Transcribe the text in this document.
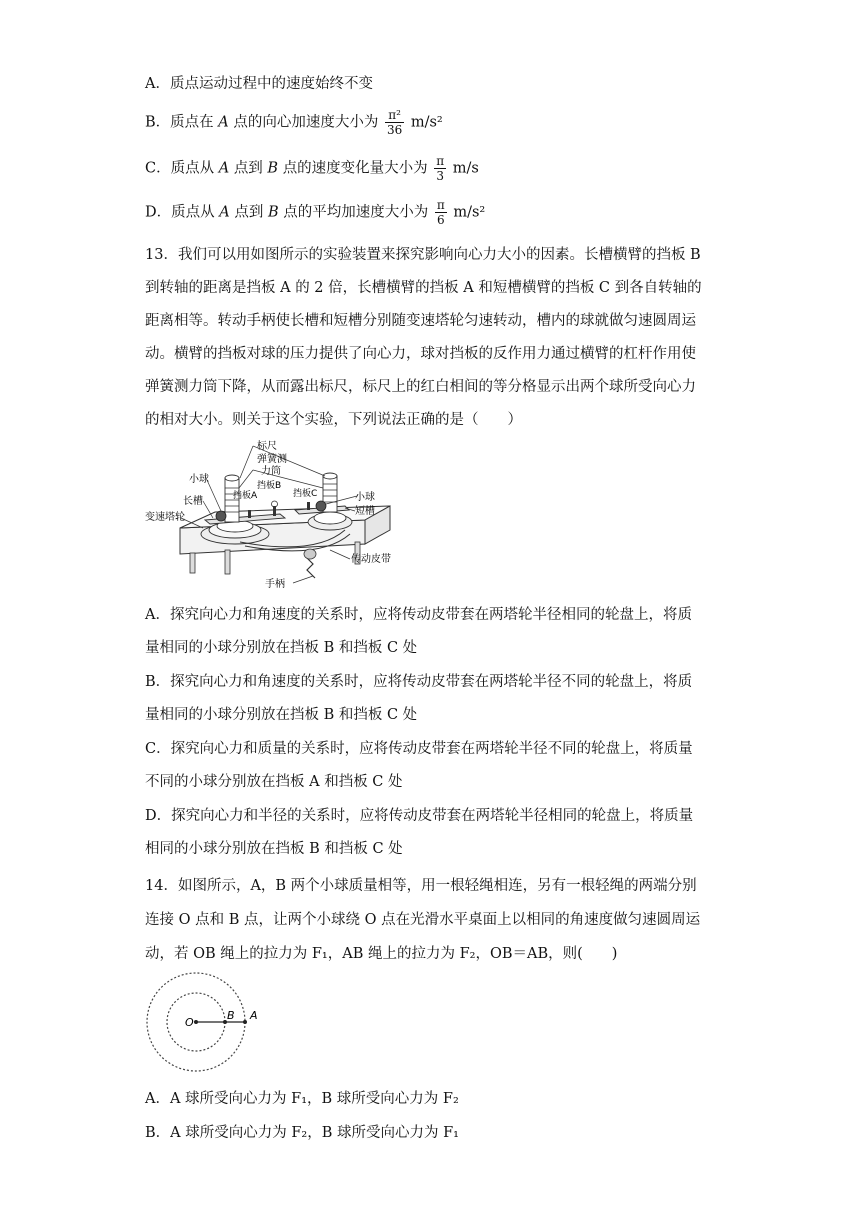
A．质点运动过程中的速度始终不变
B．质点在 A 点的向心加速度大小为 $\frac{\text{π²}}{36} m/s^2$
C．质点从 A 点到 B 点的速度变化量大小为 $\frac{\pi}{3} m/s$
D．质点从 A 点到 B 点的平均加速度大小为 $\frac{\pi}{6} m/s^2$
13．我们可以用如图所示的实验装置来探究影响向心力大小的因素。长槽横臂的挡板 B
到转轴的距离是挡板 A 的 2 倍，长槽横臂的挡板 A 和短槽横臂的挡板 C 到各自转轴的
距离相等。转动手柄使长槽和短槽分别随变速塔轮匀速转动，槽内的球就做匀速圆周运
动。横臂的挡板对球的压力提供了向心力，球对挡板的反作用力通过横臂的杠杆作用使
弹簧测力筒下降，从而露出标尺，标尺上的红白相间的等分格显示出两个球所受向心力
的相对大小。则关于这个实验，下列说法正确的是（　　）
标尺
弹簧测
力筒
小球
长槽
变速塔轮
挡板A
挡板B
挡板C	小球
短槽
传动皮带
手柄
A．探究向心力和角速度的关系时，应将传动皮带套在两塔轮半径相同的轮盘上，将质
量相同的小球分别放在挡板 B 和挡板 C 处
B．探究向心力和角速度的关系时，应将传动皮带套在两塔轮半径不同的轮盘上，将质
量相同的小球分别放在挡板 B 和挡板 C 处
C．探究向心力和质量的关系时，应将传动皮带套在两塔轮半径不同的轮盘上，将质量
不同的小球分别放在挡板 A 和挡板 C 处
D．探究向心力和半径的关系时，应将传动皮带套在两塔轮半径相同的轮盘上，将质量
相同的小球分别放在挡板 B 和挡板 C 处
14．如图所示，A，B 两个小球质量相等，用一根轻绳相连，另有一根轻绳的两端分别
连接 O 点和 B 点，让两个小球绕 O 点在光滑水平桌面上以相同的角速度做匀速圆周运
动，若 OB 绳上的拉力为 F₁，AB 绳上的拉力为 F₂，OB＝AB，则(　　)
O
B A
A．A 球所受向心力为 F₁，B 球所受向心力为 F₂
B．A 球所受向心力为 F₂，B 球所受向心力为 F₁
